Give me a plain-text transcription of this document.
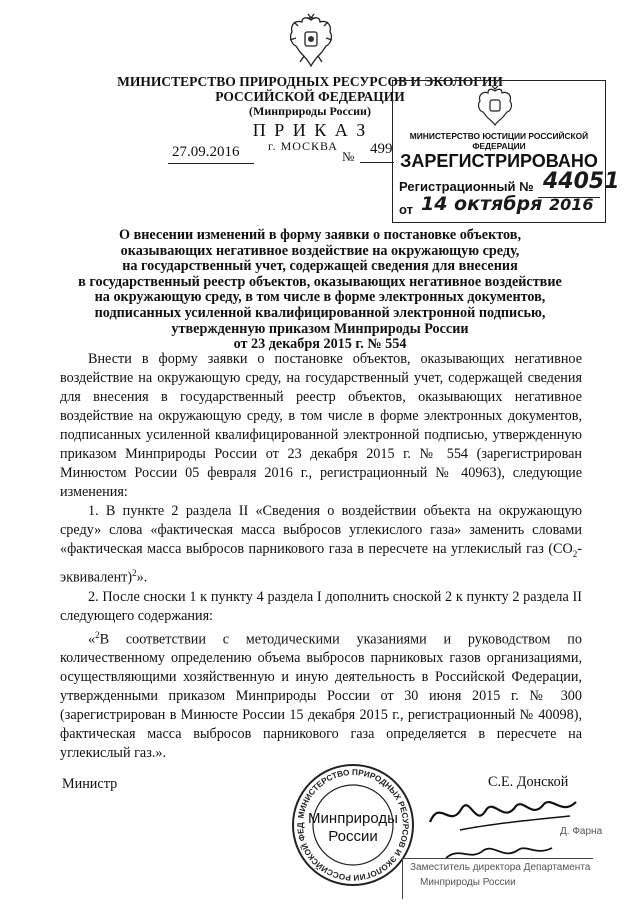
МИНИСТЕРСТВО ПРИРОДНЫХ РЕСУРСОВ И ЭКОЛОГИИ
РОССИЙСКОЙ ФЕДЕРАЦИИ
(Минприроды России)
П Р И К А З
27.09.2016 г. МОСКВА
№ 499
МИНИСТЕРСТВО ЮСТИЦИИ РОССИЙСКОЙ ФЕДЕРАЦИИ
ЗАРЕГИСТРИРОВАНО
Регистрационный № 44051
от 14 октября 2016
О внесении изменений в форму заявки о постановке объектов,
оказывающих негативное воздействие на окружающую среду,
на государственный учет, содержащей сведения для внесения
в государственный реестр объектов, оказывающих негативное воздействие
на окружающую среду, в том числе в форме электронных документов,
подписанных усиленной квалифицированной электронной подписью,
утвержденную приказом Минприроды России
от 23 декабря 2015 г. № 554

Внести в форму заявки о постановке объектов, оказывающих негативное воздействие на окружающую среду, на государственный учет, содержащей сведения для внесения в государственный реестр объектов, оказывающих негативное воздействие на окружающую среду, в том числе в форме электронных документов, подписанных усиленной квалифицированной электронной подписью, утвержденную приказом Минприроды России от 23 декабря 2015 г. № 554 (зарегистрирован Минюстом России 05 февраля 2016 г., регистрационный № 40963), следующие изменения:

1. В пункте 2 раздела II «Сведения о воздействии объекта на окружающую среду» слова «фактическая масса выбросов углекислого газа» заменить словами «фактическая масса выбросов парникового газа в пересчете на углекислый газ ($CO_2-$ эквивалент)$^2$».

2. После сноски 1 к пункту 4 раздела I дополнить сноской 2 к пункту 2 раздела II следующего содержания:

«$^2$В соответствии с методическими указаниями и руководством по количественному определению объема выбросов парниковых газов организациями, осуществляющими хозяйственную и иную деятельность в Российской Федерации, утвержденными приказом Минприроды России от 30 июня 2015 г. № 300 (зарегистрирован в Минюсте России 15 декабря 2015 г., регистрационный № 40098), фактическая масса выбросов парникового газа определяется в пересчете на углекислый газ.».

Министр	С.Е. Донской
МИНИСТЕРСТВО ПРИРОДНЫХ РЕСУРСОВ И ЭКОЛОГИИ РОССИЙСКОЙ ФЕД Минприроды
России
Заместитель директора Департамента
Минприроды России
Д. Фарна
